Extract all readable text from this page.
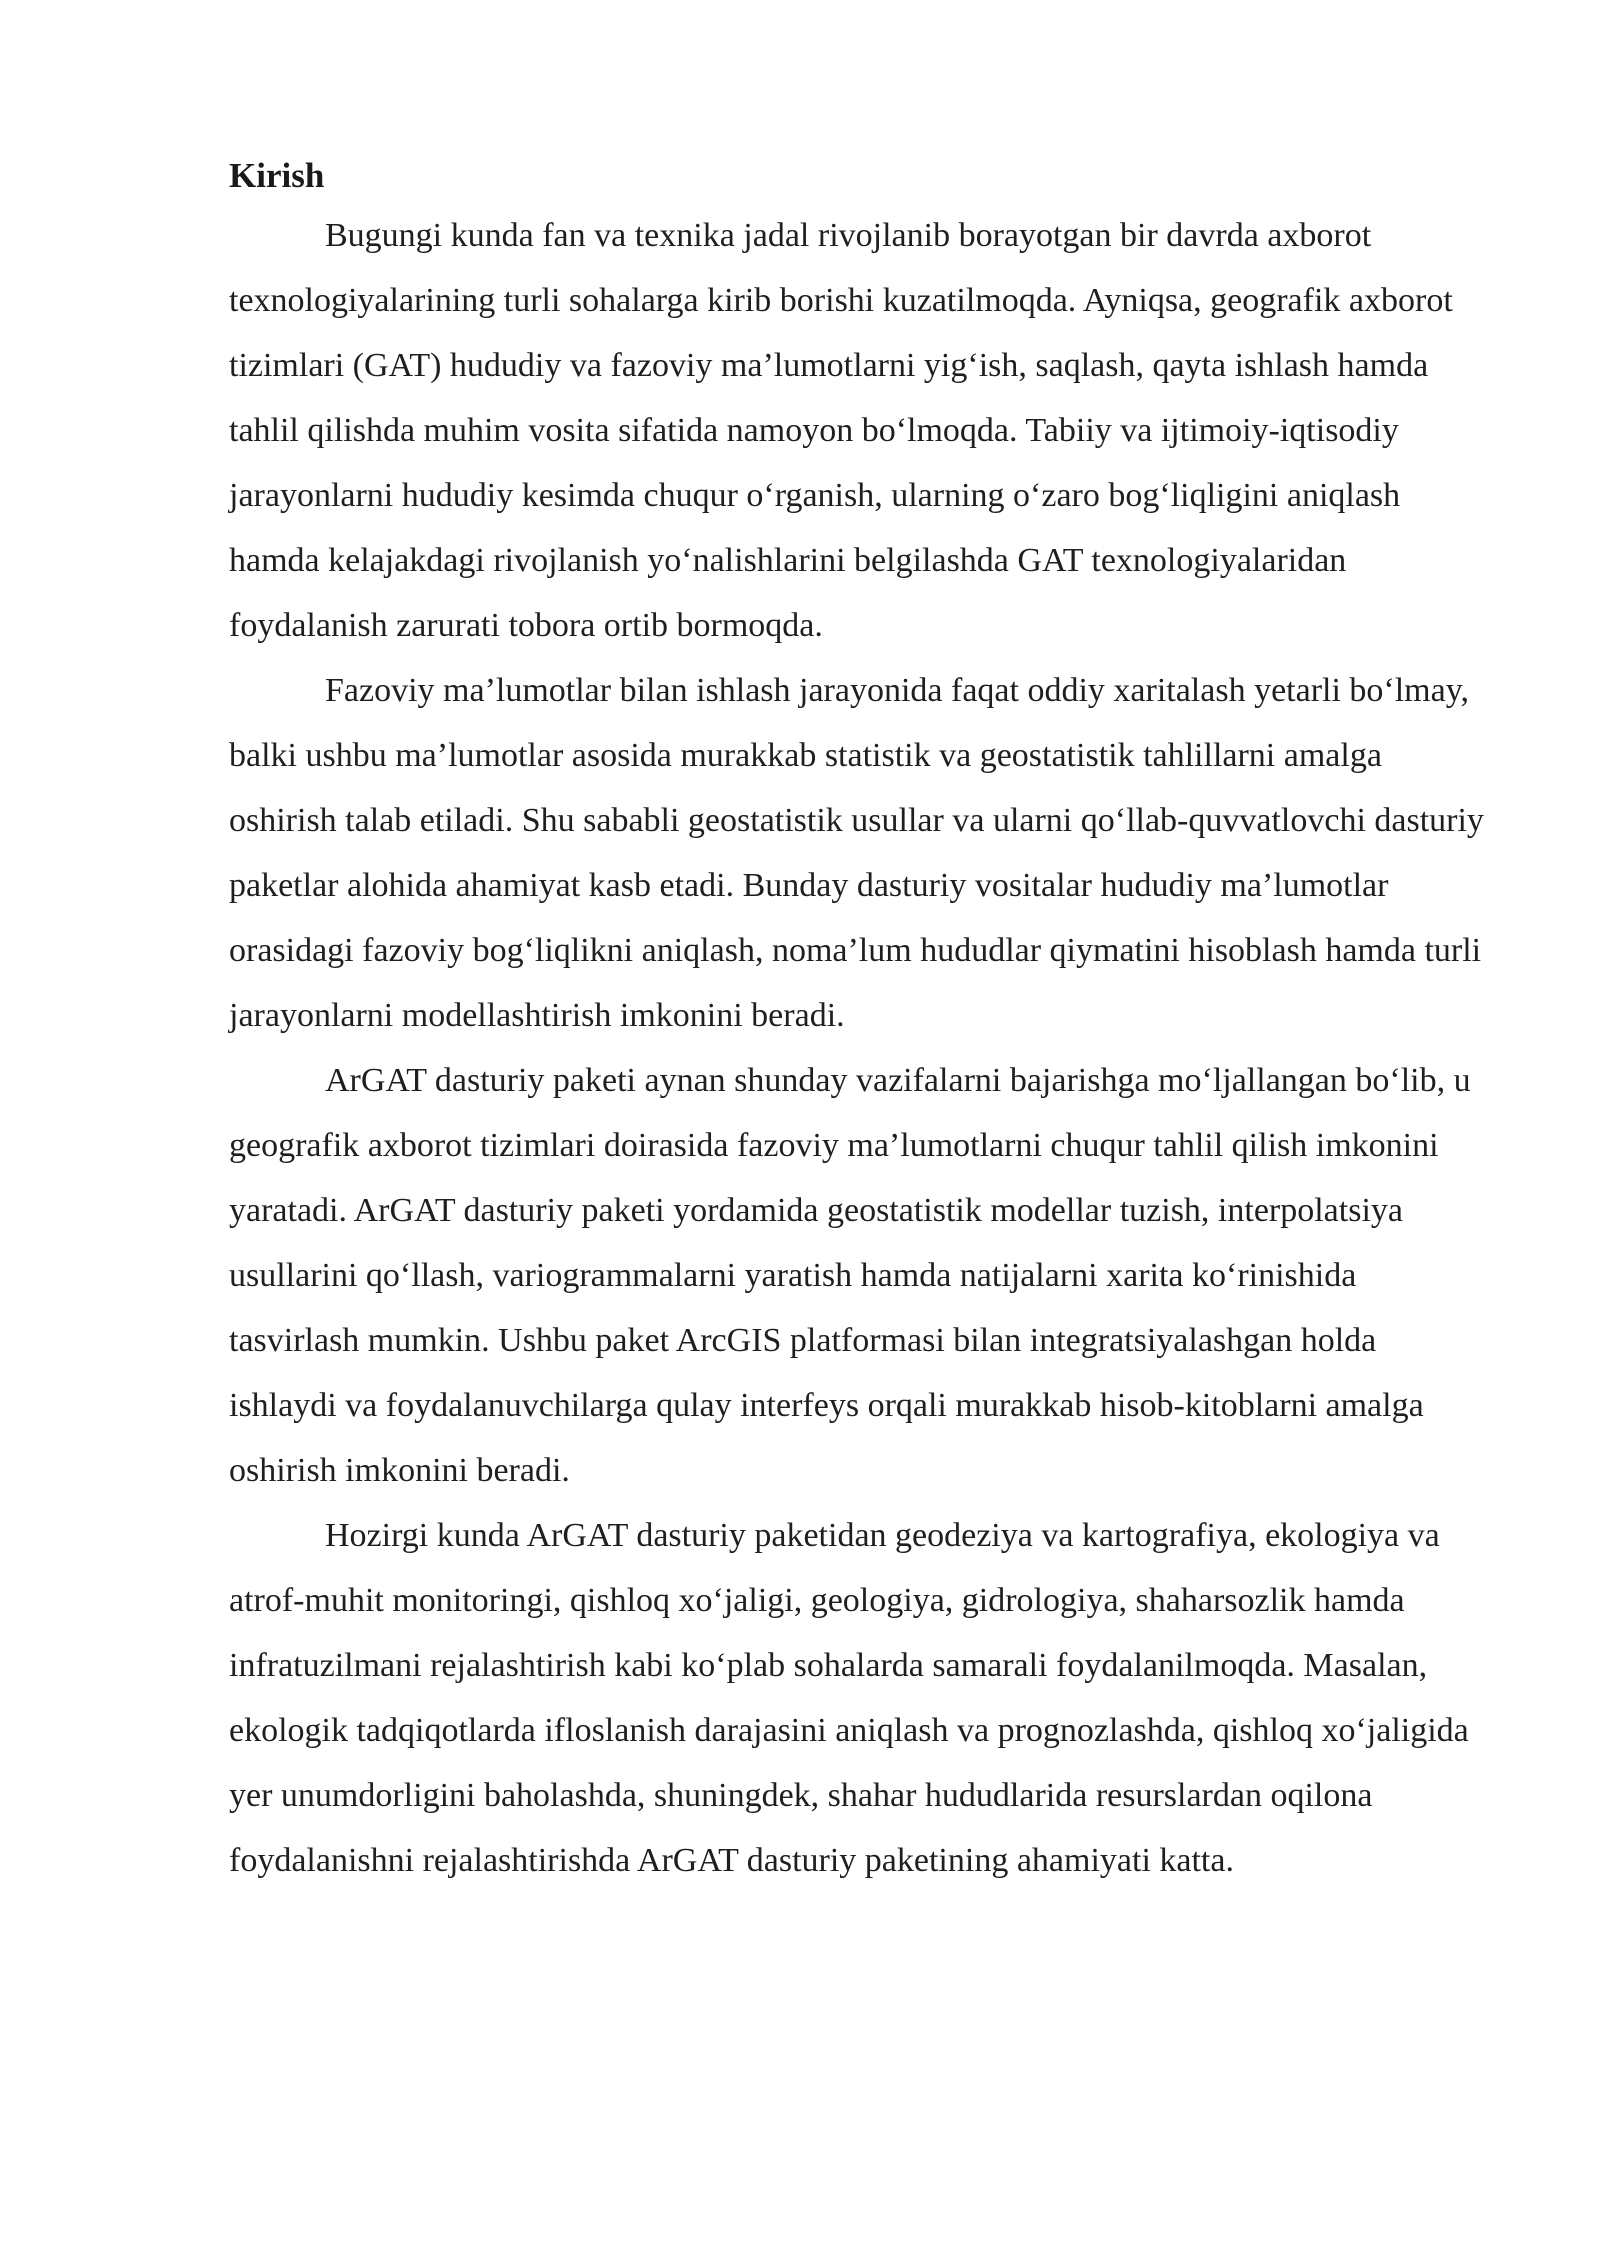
Kirish

Bugungi kunda fan va texnika jadal rivojlanib borayotgan bir davrda axborot texnologiyalarining turli sohalarga kirib borishi kuzatilmoqda. Ayniqsa, geografik axborot tizimlari (GAT) hududiy va fazoviy ma’lumotlarni yig‘ish, saqlash, qayta ishlash hamda tahlil qilishda muhim vosita sifatida namoyon bo‘lmoqda. Tabiiy va ijtimoiy-iqtisodiy jarayonlarni hududiy kesimda chuqur o‘rganish, ularning o‘zaro bog‘liqligini aniqlash hamda kelajakdagi rivojlanish yo‘nalishlarini belgilashda GAT texnologiyalaridan foydalanish zarurati tobora ortib bormoqda.

Fazoviy ma’lumotlar bilan ishlash jarayonida faqat oddiy xaritalash yetarli bo‘lmay, balki ushbu ma’lumotlar asosida murakkab statistik va geostatistik tahlillarni amalga oshirish talab etiladi. Shu sababli geostatistik usullar va ularni qo‘llab-quvvatlovchi dasturiy paketlar alohida ahamiyat kasb etadi. Bunday dasturiy vositalar hududiy ma’lumotlar orasidagi fazoviy bog‘liqlikni aniqlash, noma’lum hududlar qiymatini hisoblash hamda turli jarayonlarni modellashtirish imkonini beradi.

ArGAT dasturiy paketi aynan shunday vazifalarni bajarishga mo‘ljallangan bo‘lib, u geografik axborot tizimlari doirasida fazoviy ma’lumotlarni chuqur tahlil qilish imkonini yaratadi. ArGAT dasturiy paketi yordamida geostatistik modellar tuzish, interpolatsiya usullarini qo‘llash, variogrammalarni yaratish hamda natijalarni xarita ko‘rinishida tasvirlash mumkin. Ushbu paket ArcGIS platformasi bilan integratsiyalashgan holda ishlaydi va foydalanuvchilarga qulay interfeys orqali murakkab hisob-kitoblarni amalga oshirish imkonini beradi.

Hozirgi kunda ArGAT dasturiy paketidan geodeziya va kartografiya, ekologiya va atrof-muhit monitoringi, qishloq xo‘jaligi, geologiya, gidrologiya, shaharsozlik hamda infratuzilmani rejalashtirish kabi ko‘plab sohalarda samarali foydalanilmoqda. Masalan, ekologik tadqiqotlarda ifloslanish darajasini aniqlash va prognozlashda, qishloq xo‘jaligida yer unumdorligini baholashda, shuningdek, shahar hududlarida resurslardan oqilona foydalanishni rejalashtirishda ArGAT dasturiy paketining ahamiyati katta.
